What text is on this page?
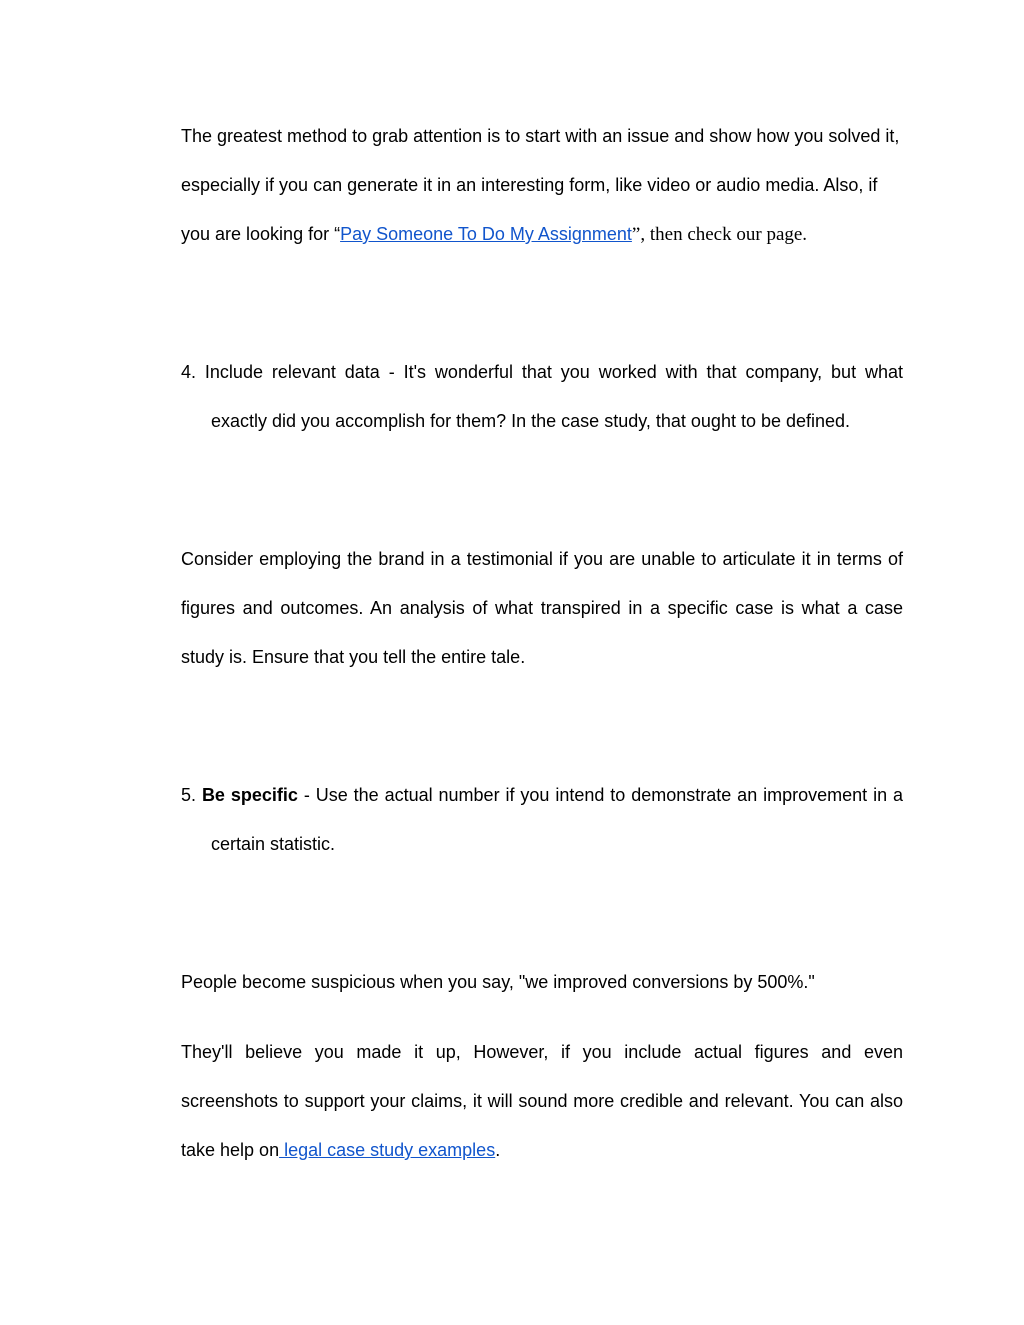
The greatest method to grab attention is to start with an issue and show how you solved it, especially if you can generate it in an interesting form, like video or audio media. Also, if you are looking for “Pay Someone To Do My Assignment”, then check our page.

4. Include relevant data - It's wonderful that you worked with that company, but what exactly did you accomplish for them? In the case study, that ought to be defined.

Consider employing the brand in a testimonial if you are unable to articulate it in terms of figures and outcomes. An analysis of what transpired in a specific case is what a case study is. Ensure that you tell the entire tale.

5. Be specific - Use the actual number if you intend to demonstrate an improvement in a certain statistic.

People become suspicious when you say, "we improved conversions by 500%."

They'll believe you made it up, However, if you include actual figures and even screenshots to support your claims, it will sound more credible and relevant. You can also take help on legal case study examples.
